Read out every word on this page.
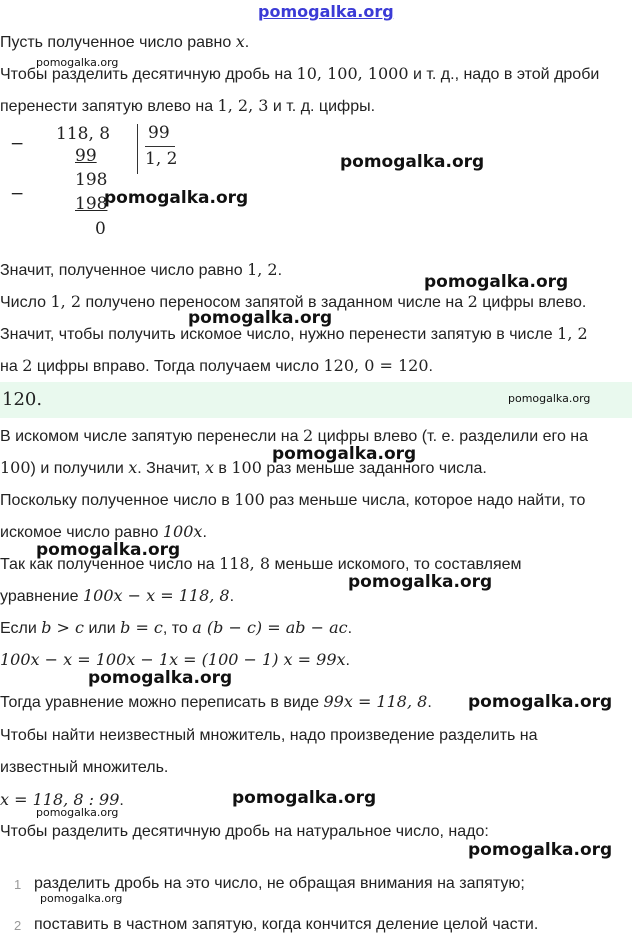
pomogalka.org
Пусть полученное число равно x.
Чтобы разделить десятичную дробь на 10, 100, 1000 и т. д., надо в этой дроби
перенести запятую влево на 1, 2, 3 и т. д. цифры.
−
−
118, 8
99
198
198
0
99
1, 2
Значит, полученное число равно 1, 2.
Число 1, 2 получено переносом запятой в заданном числе на 2 цифры влево.
Значит, чтобы получить искомое число, нужно перенести запятую в числе 1, 2
на 2 цифры вправо. Тогда получаем число 120, 0 = 120.
120.
В искомом числе запятую перенесли на 2 цифры влево (т. е. разделили его на
100) и получили x. Значит, x в 100 раз меньше заданного числа.
Поскольку полученное число в 100 раз меньше числа, которое надо найти, то
искомое число равно 100x.
Так как полученное число на 118, 8 меньше искомого, то составляем
уравнение 100x − x = 118, 8.
Если b > c или b = c, то a (b − c) = ab − ac.
100x − x = 100x − 1x = (100 − 1) x = 99x.
Тогда уравнение можно переписать в виде 99x = 118, 8.
Чтобы найти неизвестный множитель, надо произведение разделить на
известный множитель.
x = 118, 8 : 99.
Чтобы разделить десятичную дробь на натуральное число, надо:
1 разделить дробь на это число, не обращая внимания на запятую;
2 поставить в частном запятую, когда кончится деление целой части.
pomogalka.org
pomogalka.org
pomogalka.org
pomogalka.org
pomogalka.org
pomogalka.org
pomogalka.org
pomogalka.org
pomogalka.org
pomogalka.org
pomogalka.org
pomogalka.org
pomogalka.org
pomogalka.org
pomogalka.org
